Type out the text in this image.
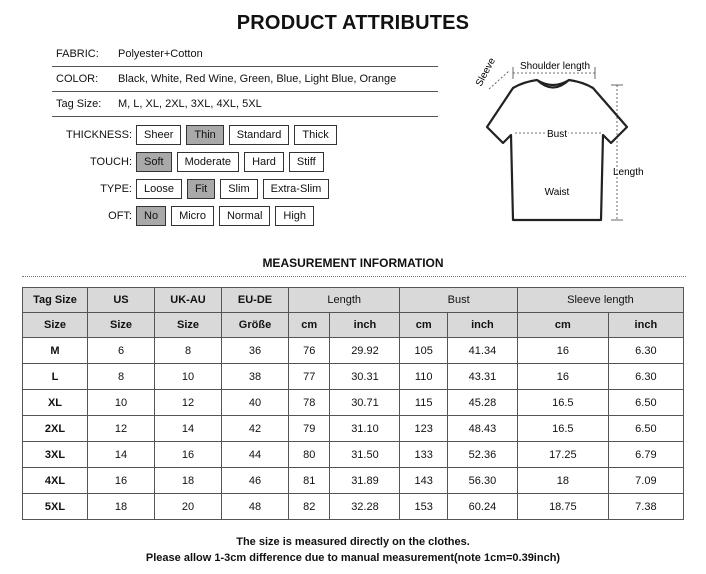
PRODUCT ATTRIBUTES
FABRIC:	Polyester+Cotton
COLOR:	Black, White, Red Wine, Green, Blue, Light Blue, Orange
Tag Size:	M, L, XL, 2XL, 3XL, 4XL, 5XL
THICKNESS:	Sheer	Thin	Standard	Thick
TOUCH:	Soft	Moderate	Hard	Stiff
TYPE:	Loose	Fit	Slim	Extra-Slim
OFT:	No	Micro	Normal	High
Shoulder length
Sleeve
Bust
Waist
Length
MEASUREMENT INFORMATION
Tag Size	US	UK-AU	EU-DE	Length		Bust		Sleeve length	
Size	Size	Size	Größe	cm	inch	cm	inch	cm	inch
M	6	8	36	76	29.92	105	41.34	16	6.30
L	8	10	38	77	30.31	110	43.31	16	6.30
XL	10	12	40	78	30.71	115	45.28	16.5	6.50
2XL	12	14	42	79	31.10	123	48.43	16.5	6.50
3XL	14	16	44	80	31.50	133	52.36	17.25	6.79
4XL	16	18	46	81	31.89	143	56.30	18	7.09
5XL	18	20	48	82	32.28	153	60.24	18.75	7.38
The size is measured directly on the clothes.
Please allow 1-3cm difference due to manual measurement(note 1cm=0.39inch)
